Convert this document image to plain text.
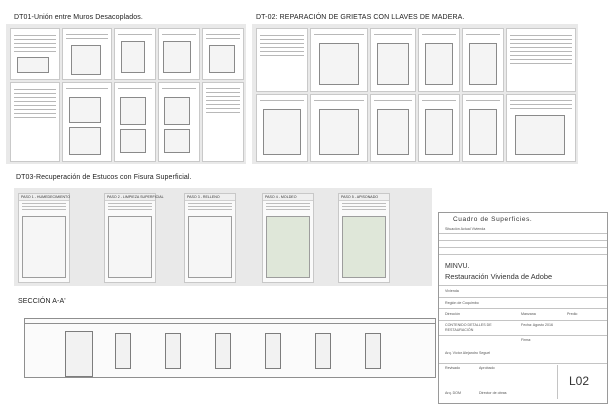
DT01-Unión entre Muros Desacoplados.	DT-02: REPARACIÓN DE GRIETAS CON LLAVES DE MADERA.
DT03-Recuperación de Estucos con Fisura Superficial.
PASO 1 - HUMEDECIMIENTO	PASO 2 - LIMPIEZA SUPERFICIAL	PASO 3 - RELLENO	PASO 4 - MOLDEO	PASO 5 - APISONADO
SECCIÓN A-A'
Cuadro de Superficies.
Situación Actual Vivienda
MINVU.
Restauración Vivienda de Adobe
Vivienda
Región de Coquimbo
Dirección	Manzana	Predio
CONTENIDO DETALLES DE RESTAURACIÓN
Fecha: Agosto 2016
Firma:
Arq. Víctor Alejandro Seguel
Revisado	Aprobado
Arq. DOM	Director de obras
L02
